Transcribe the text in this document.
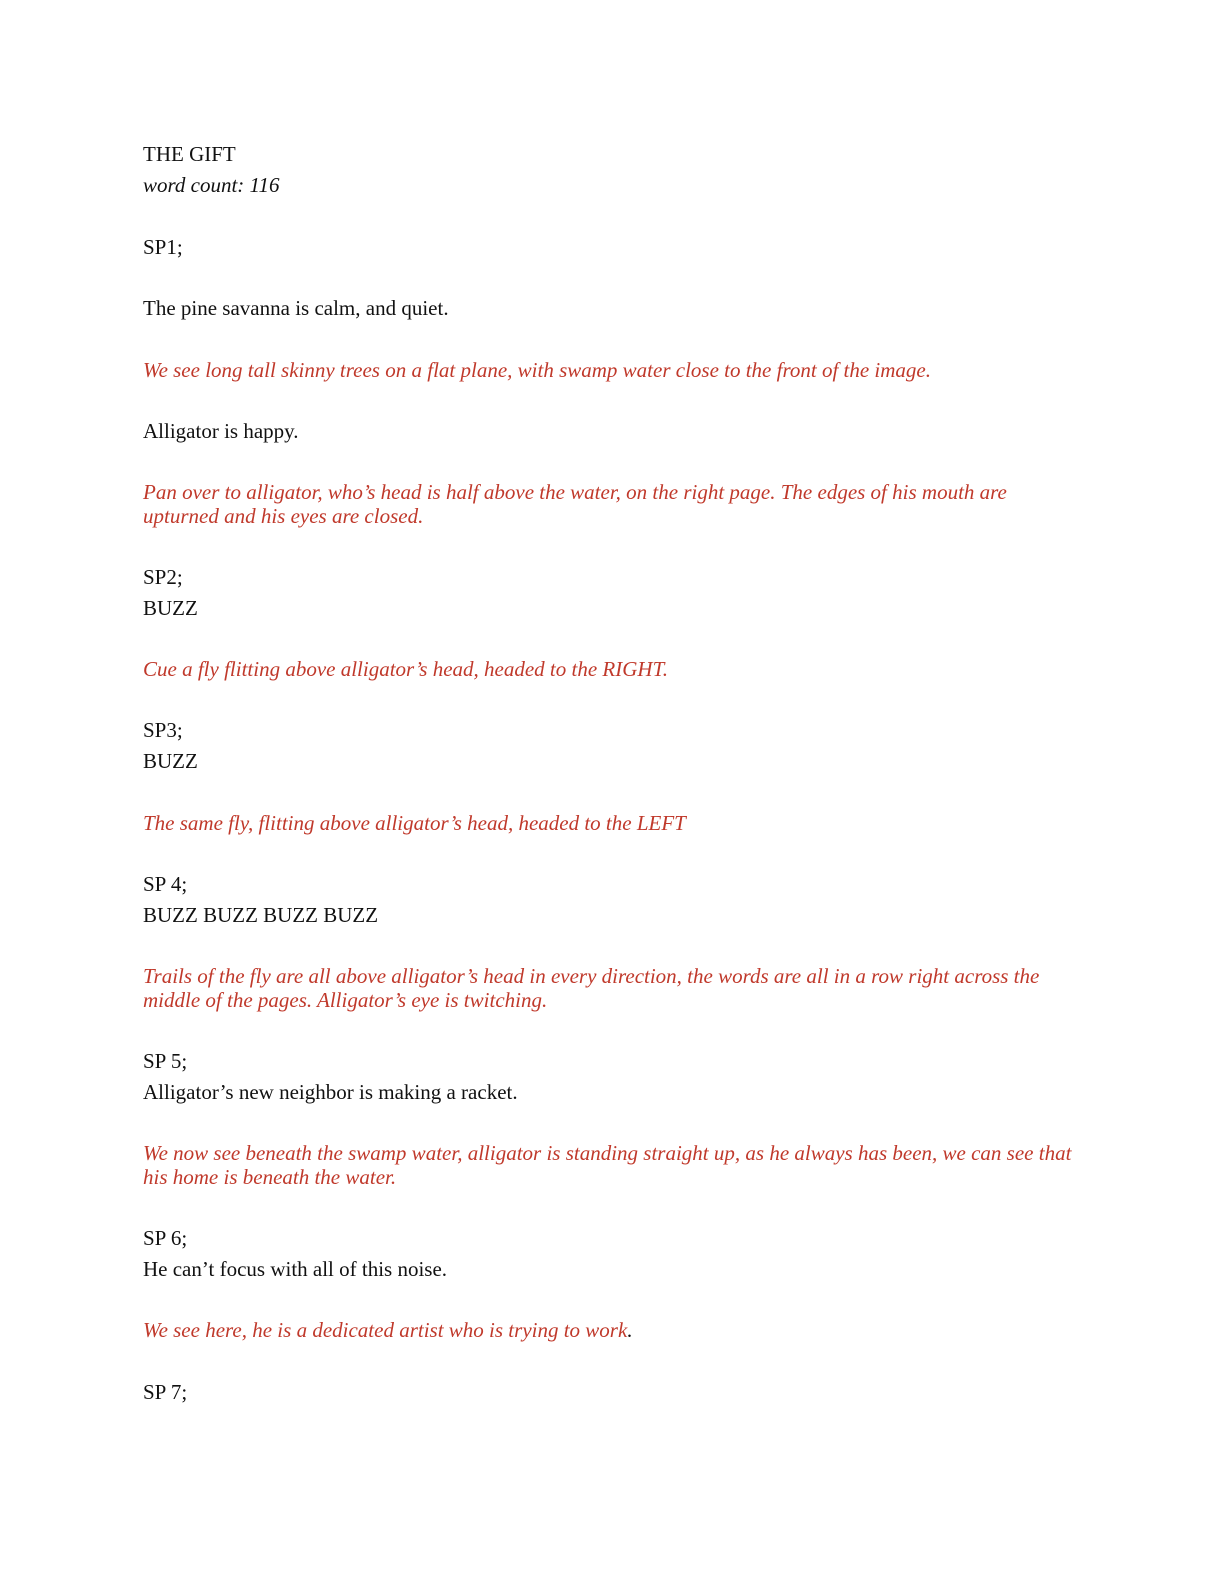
THE GIFT

word count: 116

SP1;

The pine savanna is calm, and quiet.

We see long tall skinny trees on a flat plane, with swamp water close to the front of the image.

Alligator is happy.

Pan over to alligator, who’s head is half above the water, on the right page. The edges of his mouth are upturned and his eyes are closed.

SP2;

BUZZ

Cue a fly flitting above alligator’s head, headed to the RIGHT.

SP3;

BUZZ

The same fly, flitting above alligator’s head, headed to the LEFT

SP 4;

BUZZ BUZZ BUZZ BUZZ

Trails of the fly are all above alligator’s head in every direction, the words are all in a row right across the middle of the pages. Alligator’s eye is twitching.

SP 5;

Alligator’s new neighbor is making a racket.

We now see beneath the swamp water, alligator is standing straight up, as he always has been, we can see that his home is beneath the water.

SP 6;

He can’t focus with all of this noise.

We see here, he is a dedicated artist who is trying to work.

SP 7;
